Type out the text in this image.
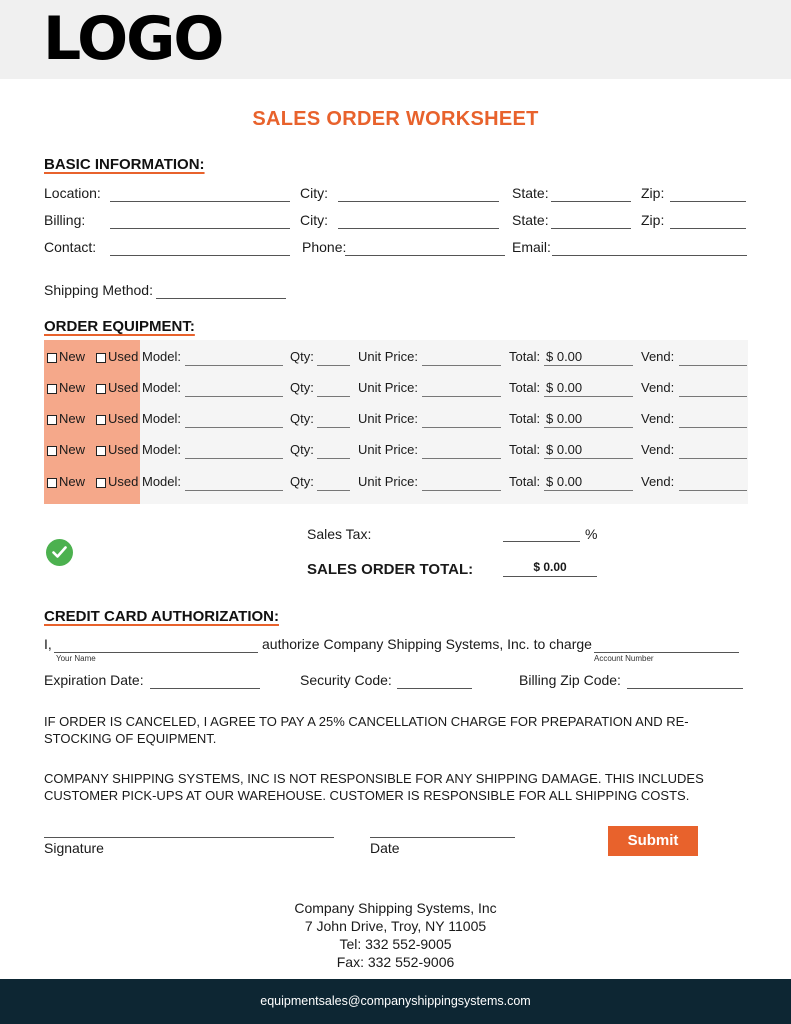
LOGO
SALES ORDER WORKSHEET
BASIC INFORMATION:
Location:	City:	State:	Zip:
Billing:	City:	State:	Zip:
Contact:	Phone:	Email:
Shipping Method:
ORDER EQUIPMENT:
New Used Model:	Qty:	Unit Price:	Total: $ 0.00	Vend:
New Used Model:	Qty:	Unit Price:	Total: $ 0.00	Vend:
New Used Model:	Qty:	Unit Price:	Total: $ 0.00	Vend:
New Used Model:	Qty:	Unit Price:	Total: $ 0.00	Vend:
New Used Model:	Qty:	Unit Price:	Total: $ 0.00	Vend:
Sales Tax:	%
SALES ORDER TOTAL:	$ 0.00
CREDIT CARD AUTHORIZATION:
I,
Your Name
authorize Company Shipping Systems, Inc. to charge
Account Number
Expiration Date:	Security Code:	Billing Zip Code:
IF ORDER IS CANCELED, I AGREE TO PAY A 25% CANCELLATION CHARGE FOR PREPARATION AND RE-STOCKING OF EQUIPMENT.
COMPANY SHIPPING SYSTEMS, INC IS NOT RESPONSIBLE FOR ANY SHIPPING DAMAGE. THIS INCLUDES CUSTOMER PICK-UPS AT OUR WAREHOUSE. CUSTOMER IS RESPONSIBLE FOR ALL SHIPPING COSTS.
Signature	Date	Submit
Company Shipping Systems, Inc
7 John Drive, Troy, NY 11005
Tel: 332 552-9005
Fax: 332 552-9006
equipmentsales@companyshippingsystems.com
